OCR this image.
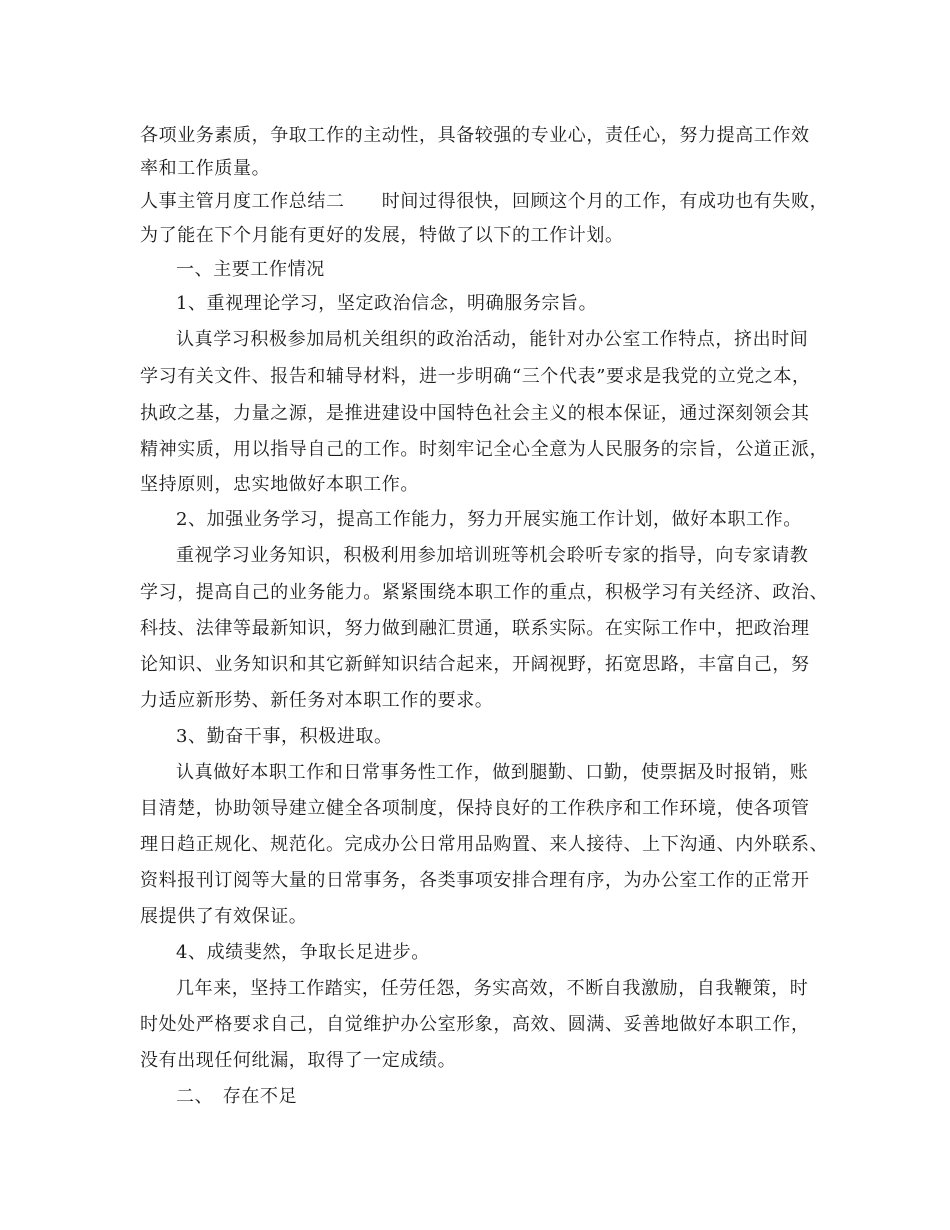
各项业务素质，争取工作的主动性，具备较强的专业心，责任心，努力提高工作效
率和工作质量。
人事主管月度工作总结二　　时间过得很快，回顾这个月的工作，有成功也有失败，
为了能在下个月能有更好的发展，特做了以下的工作计划。
一、主要工作情况
1、重视理论学习，坚定政治信念，明确服务宗旨。
认真学习积极参加局机关组织的政治活动，能针对办公室工作特点，挤出时间
学习有关文件、报告和辅导材料，进一步明确“三个代表”要求是我党的立党之本，
执政之基，力量之源，是推进建设中国特色社会主义的根本保证，通过深刻领会其
精神实质，用以指导自己的工作。时刻牢记全心全意为人民服务的宗旨，公道正派，
坚持原则，忠实地做好本职工作。
2、加强业务学习，提高工作能力，努力开展实施工作计划，做好本职工作。
重视学习业务知识，积极利用参加培训班等机会聆听专家的指导，向专家请教
学习，提高自己的业务能力。紧紧围绕本职工作的重点，积极学习有关经济、政治、
科技、法律等最新知识，努力做到融汇贯通，联系实际。在实际工作中，把政治理
论知识、业务知识和其它新鲜知识结合起来，开阔视野，拓宽思路，丰富自己，努
力适应新形势、新任务对本职工作的要求。
3、勤奋干事，积极进取。
认真做好本职工作和日常事务性工作，做到腿勤、口勤，使票据及时报销，账
目清楚，协助领导建立健全各项制度，保持良好的工作秩序和工作环境，使各项管
理日趋正规化、规范化。完成办公日常用品购置、来人接待、上下沟通、内外联系、
资料报刊订阅等大量的日常事务，各类事项安排合理有序，为办公室工作的正常开
展提供了有效保证。
4、成绩斐然，争取长足进步。
几年来，坚持工作踏实，任劳任怨，务实高效，不断自我激励，自我鞭策，时
时处处严格要求自己，自觉维护办公室形象，高效、圆满、妥善地做好本职工作，
没有出现任何纰漏，取得了一定成绩。
二、　存在不足
